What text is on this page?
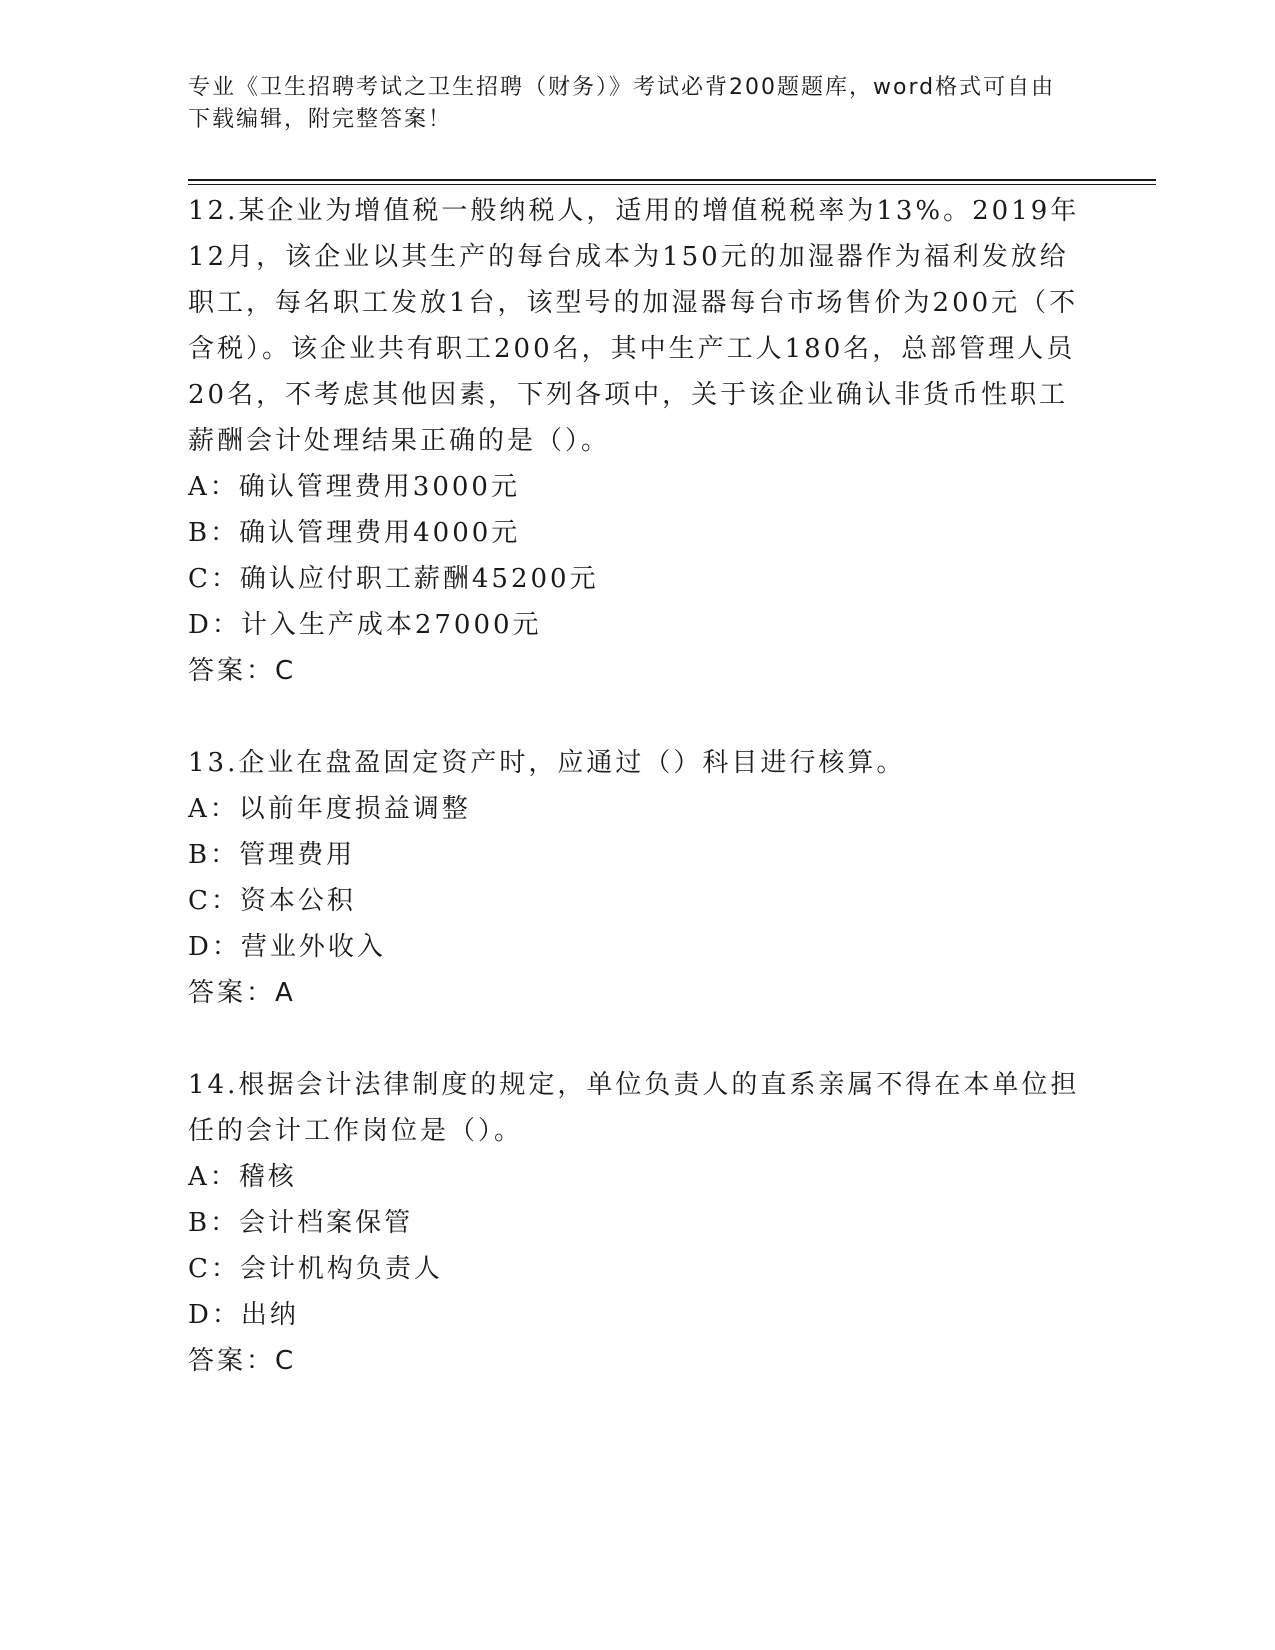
专业《卫生招聘考试之卫生招聘（财务）》考试必背200题题库，word格式可自由下载编辑，附完整答案！

12.某企业为增值税一般纳税人，适用的增值税税率为13%。2019年12月，该企业以其生产的每台成本为150元的加湿器作为福利发放给职工，每名职工发放1台，该型号的加湿器每台市场售价为200元（不含税）。该企业共有职工200名，其中生产工人180名，总部管理人员20名，不考虑其他因素，下列各项中，关于该企业确认非货币性职工薪酬会计处理结果正确的是（）。

A：确认管理费用3000元

B：确认管理费用4000元

C：确认应付职工薪酬45200元

D：计入生产成本27000元

答案：C

13.企业在盘盈固定资产时，应通过（）科目进行核算。

A：以前年度损益调整

B：管理费用

C：资本公积

D：营业外收入

答案：A

14.根据会计法律制度的规定，单位负责人的直系亲属不得在本单位担任的会计工作岗位是（）。

A：稽核

B：会计档案保管

C：会计机构负责人

D：出纳

答案：C
